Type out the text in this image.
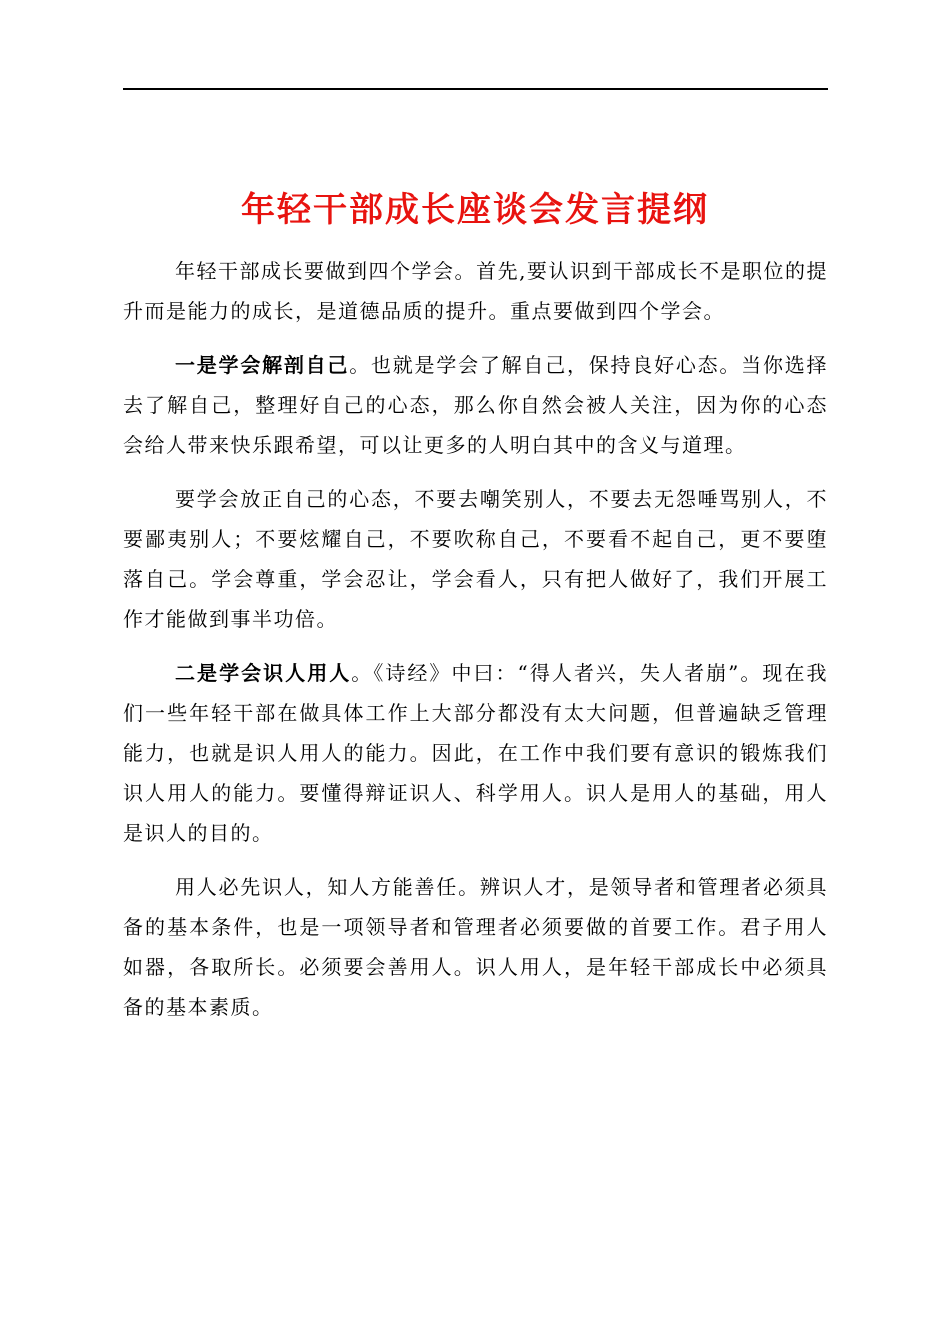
年轻干部成长座谈会发言提纲

年轻干部成长要做到四个学会。首先,要认识到干部成长不是职位的提升而是能力的成长，是道德品质的提升。重点要做到四个学会。

一是学会解剖自己。也就是学会了解自己，保持良好心态。当你选择去了解自己，整理好自己的心态，那么你自然会被人关注，因为你的心态会给人带来快乐跟希望，可以让更多的人明白其中的含义与道理。

要学会放正自己的心态，不要去嘲笑别人，不要去无怨唾骂别人，不要鄙夷别人；不要炫耀自己，不要吹称自己，不要看不起自己，更不要堕落自己。学会尊重，学会忍让，学会看人，只有把人做好了，我们开展工作才能做到事半功倍。

二是学会识人用人。《诗经》中曰：“得人者兴，失人者崩”。现在我们一些年轻干部在做具体工作上大部分都没有太大问题，但普遍缺乏管理能力，也就是识人用人的能力。因此，在工作中我们要有意识的锻炼我们识人用人的能力。要懂得辩证识人、科学用人。识人是用人的基础，用人是识人的目的。

用人必先识人，知人方能善任。辨识人才，是领导者和管理者必须具备的基本条件，也是一项领导者和管理者必须要做的首要工作。君子用人如器，各取所长。必须要会善用人。识人用人，是年轻干部成长中必须具备的基本素质。
